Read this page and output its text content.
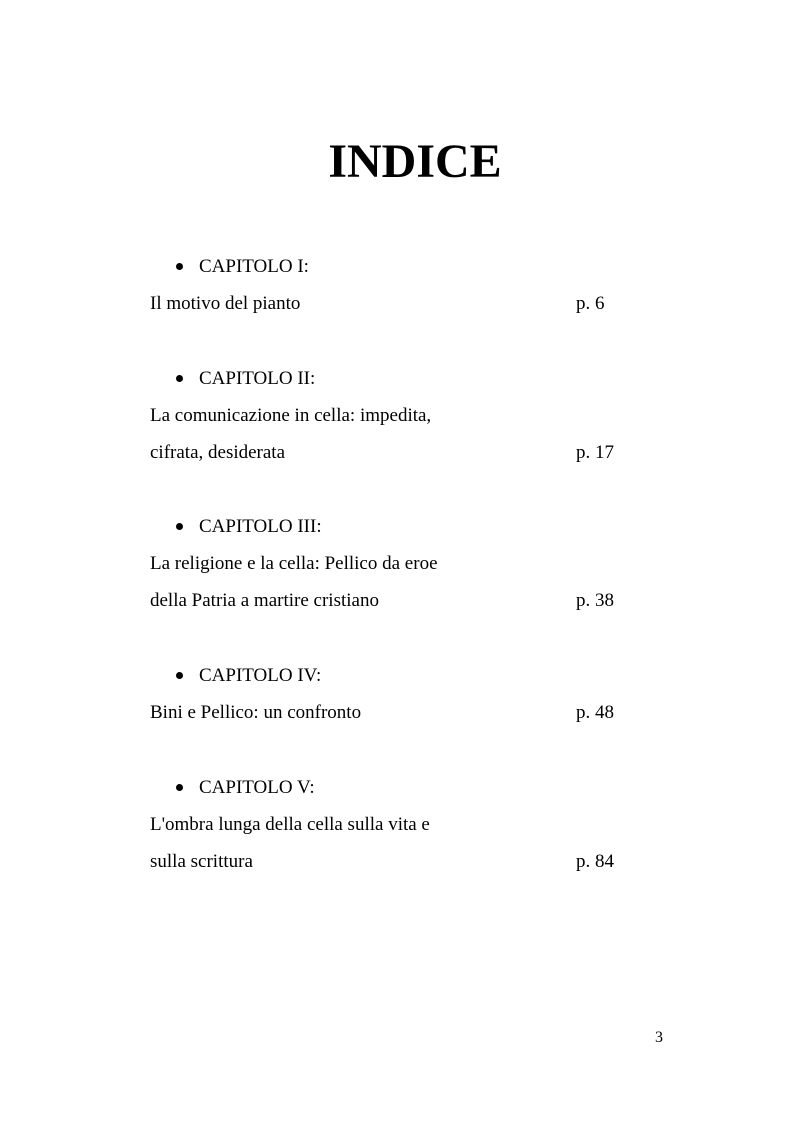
INDICE
CAPITOLO I:
Il motivo del pianto	p. 6
CAPITOLO II:
La comunicazione in cella: impedita,
cifrata, desiderata	p. 17
CAPITOLO III:
La religione e la cella: Pellico da eroe
della Patria a martire cristiano	p. 38
CAPITOLO IV:
Bini e Pellico: un confronto	p. 48
CAPITOLO V:
L'ombra lunga della cella sulla vita e
sulla scrittura	p. 84
3
